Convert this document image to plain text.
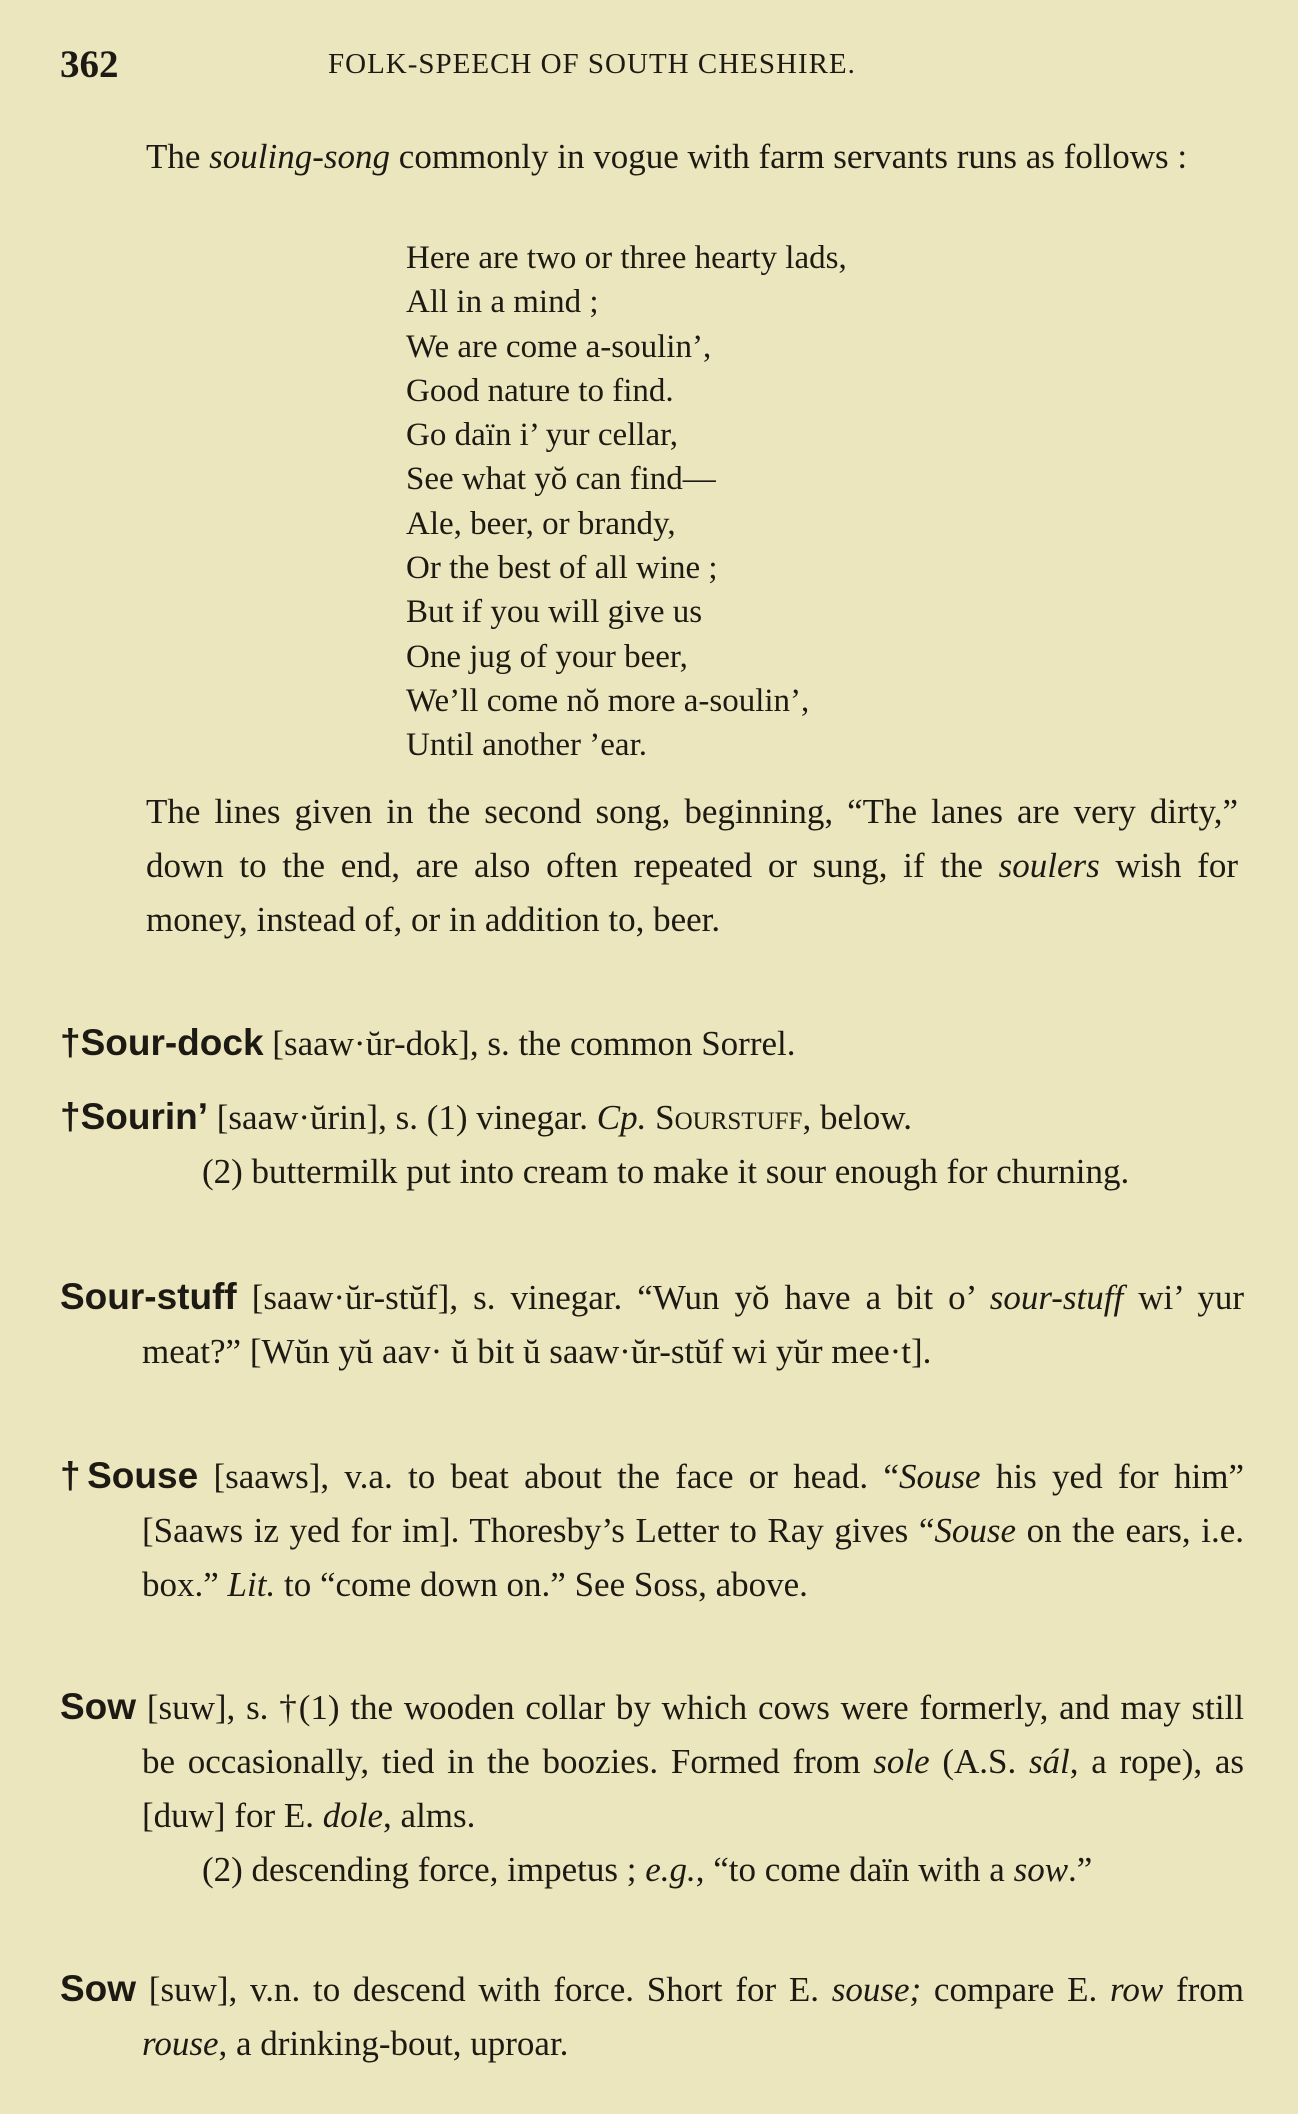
362	FOLK-SPEECH OF SOUTH CHESHIRE.
The souling-song commonly in vogue with farm servants runs as follows :
Here are two or three hearty lads,
All in a mind ;
We are come a-soulin’,
Good nature to find.
Go daïn i’ yur cellar,
See what yŏ can find—
Ale, beer, or brandy,
Or the best of all wine ;
But if you will give us
One jug of your beer,
We’ll come nŏ more a-soulin’,
Until another ’ear.
The lines given in the second song, beginning, “The lanes are very dirty,” down to the end, are also often repeated or sung, if the soulers wish for money, instead of, or in addition to, beer.
†Sour-dock [saaw·ŭr-dok], s. the common Sorrel.
†Sourin’ [saaw·ŭrin], s. (1) vinegar. Cp. Sourstuff, below.
(2) buttermilk put into cream to make it sour enough for churning.
Sour-stuff [saaw·ŭr-stŭf], s. vinegar. “Wun yŏ have a bit o’ sour-stuff wi’ yur meat?” [Wŭn yŭ aav· ŭ bit ŭ saaw·ŭr-stŭf wi yŭr mee·t].
†Souse [saaws], v.a. to beat about the face or head. “Souse his yed for him” [Saaws iz yed for im]. Thoresby’s Letter to Ray gives “Souse on the ears, i.e. box.” Lit. to “come down on.” See Soss, above.
Sow [suw], s. †(1) the wooden collar by which cows were formerly, and may still be occasionally, tied in the boozies. Formed from sole (A.S. sál, a rope), as [duw] for E. dole, alms.
(2) descending force, impetus ; e.g., “to come daïn with a sow.”
Sow [suw], v.n. to descend with force. Short for E. souse; compare E. row from rouse, a drinking-bout, uproar.
